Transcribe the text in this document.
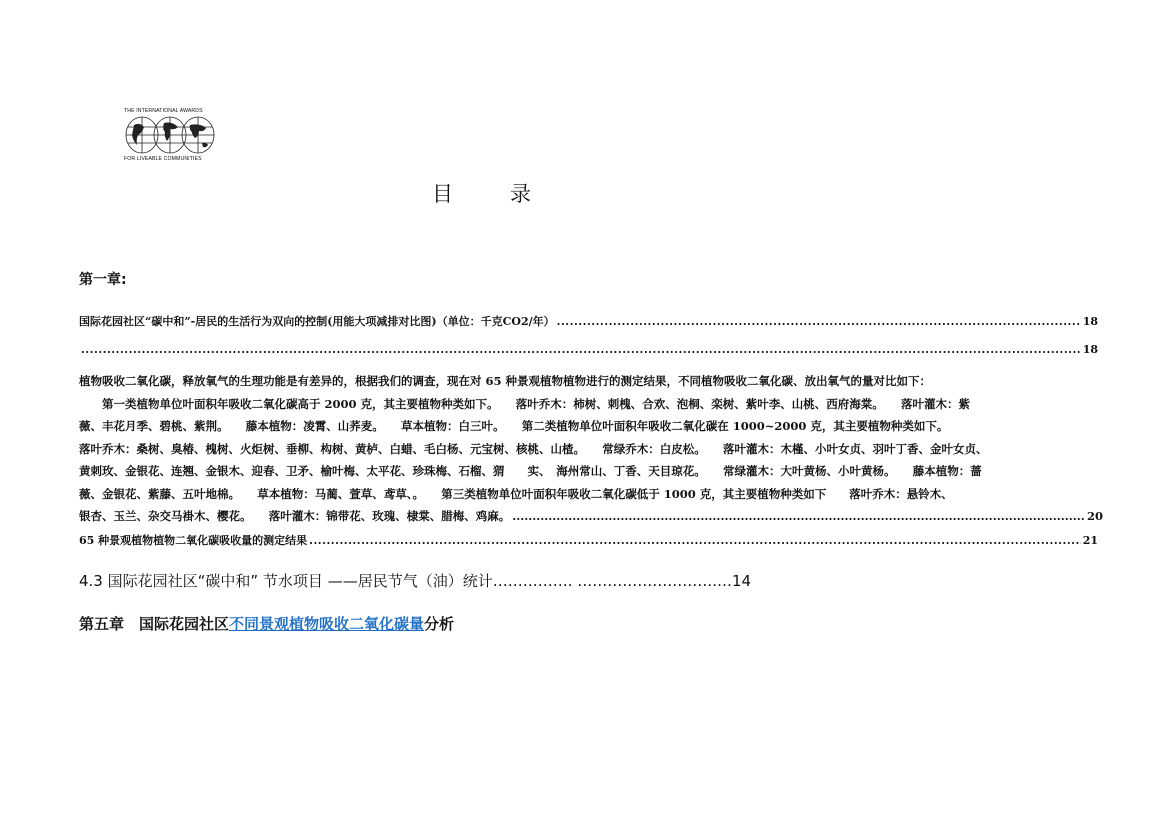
THE INTERNATIONAL AWARDS
FOR LIVEABLE COMMUNITIES
目　录
第一章:
国际花园社区“碳中和”-居民的生活行为双向的控制(用能大项减排对比图)（单位：千克CO2/年） .....	18
.....
18
植物吸收二氧化碳，释放氧气的生理功能是有差异的，根据我们的调查，现在对 65 种景观植物植物进行的测定结果，不同植物吸收二氧化碳、放出氧气的量对比如下：
　　第一类植物单位叶面积年吸收二氧化碳高于 2000 克，其主要植物种类如下。　　落叶乔木：柿树、刺槐、合欢、泡桐、栾树、紫叶李、山桃、西府海棠。　　落叶灌木：紫
薇、丰花月季、碧桃、紫荆。　　藤本植物：凌霄、山荞麦。　　草本植物：白三叶。　　第二类植物单位叶面积年吸收二氧化碳在 1000~2000 克，其主要植物种类如下。
落叶乔木：桑树、臭椿、槐树、火炬树、垂柳、构树、黄栌、白蜡、毛白杨、元宝树、核桃、山楂。　　常绿乔木：白皮松。　　落叶灌木：木槿、小叶女贞、羽叶丁香、金叶女贞、
黄刺玫、金银花、连翘、金银木、迎春、卫矛、榆叶梅、太平花、珍珠梅、石榴、猬　　实、　海州常山、丁香、天目琼花。　　常绿灌木：大叶黄杨、小叶黄杨。　　藤本植物：蔷
薇、金银花、紫藤、五叶地棉。　　草本植物：马蔺、萱草、鸢草、。　　第三类植物单位叶面积年吸收二氧化碳低于 1000 克，其主要植物种类如下　　落叶乔木：悬铃木、
银杏、玉兰、杂交马褂木、樱花。　　落叶灌木：锦带花、玫瑰、棣棠、腊梅、鸡麻。 .....	20
65 种景观植物植物二氧化碳吸收量的测定结果 .....	21
4.3 国际花园社区“碳中和” 节水项目 ——居民节气（油）统计……………. ……………………….…14
第五章　国际花园社区不同景观植物吸收二氧化碳量分析
